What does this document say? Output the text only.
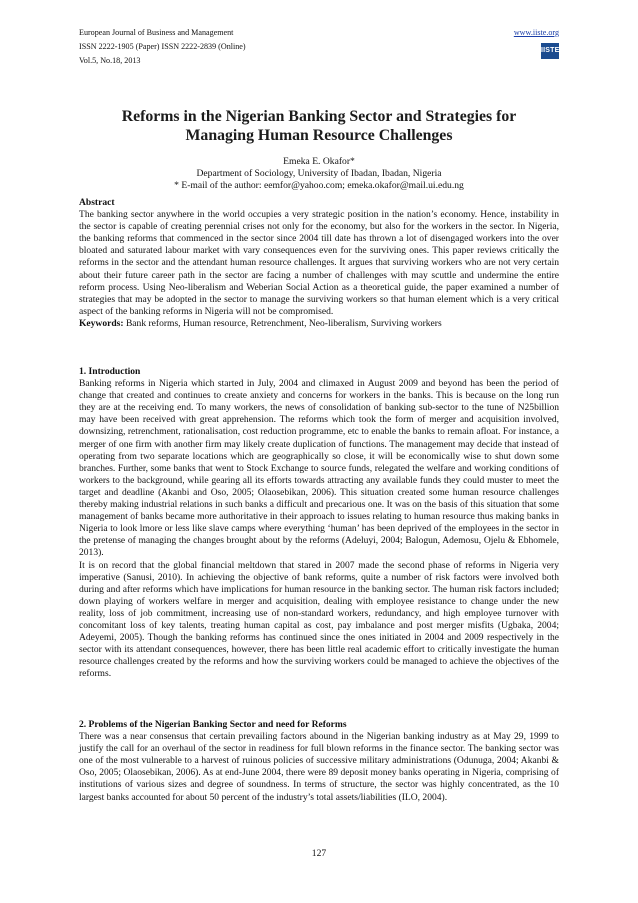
European Journal of Business and Management
ISSN 2222-1905 (Paper) ISSN 2222-2839 (Online)
Vol.5, No.18, 2013
www.iiste.org
IISTE
Reforms in the Nigerian Banking Sector and Strategies for
Managing Human Resource Challenges
Emeka E. Okafor*
Department of Sociology, University of Ibadan, Ibadan, Nigeria
* E-mail of the author: eemfor@yahoo.com; emeka.okafor@mail.ui.edu.ng

Abstract

The banking sector anywhere in the world occupies a very strategic position in the nation’s economy. Hence, instability in the sector is capable of creating perennial crises not only for the economy, but also for the workers in the sector. In Nigeria, the banking reforms that commenced in the sector since 2004 till date has thrown a lot of disengaged workers into the over bloated and saturated labour market with vary consequences even for the surviving ones. This paper reviews critically the reforms in the sector and the attendant human resource challenges. It argues that surviving workers who are not very certain about their future career path in the sector are facing a number of challenges with may scuttle and undermine the entire reform process. Using Neo-liberalism and Weberian Social Action as a theoretical guide, the paper examined a number of strategies that may be adopted in the sector to manage the surviving workers so that human element which is a very critical aspect of the banking reforms in Nigeria will not be compromised.

Keywords: Bank reforms, Human resource, Retrenchment, Neo-liberalism, Surviving workers

1. Introduction

Banking reforms in Nigeria which started in July, 2004 and climaxed in August 2009 and beyond has been the period of change that created and continues to create anxiety and concerns for workers in the banks. This is because on the long run they are at the receiving end. To many workers, the news of consolidation of banking sub-sector to the tune of N25billion may have been received with great apprehension. The reforms which took the form of merger and acquisition involved, downsizing, retrenchment, rationalisation, cost reduction programme, etc to enable the banks to remain afloat. For instance, a merger of one firm with another firm may likely create duplication of functions. The management may decide that instead of operating from two separate locations which are geographically so close, it will be economically wise to shut down some branches. Further, some banks that went to Stock Exchange to source funds, relegated the welfare and working conditions of workers to the background, while gearing all its efforts towards attracting any available funds they could muster to meet the target and deadline (Akanbi and Oso, 2005; Olaosebikan, 2006). This situation created some human resource challenges thereby making industrial relations in such banks a difficult and precarious one. It was on the basis of this situation that some management of banks became more authoritative in their approach to issues relating to human resource thus making banks in Nigeria to look lmore or less like slave camps where everything ‘human’ has been deprived of the employees in the sector in the pretense of managing the changes brought about by the reforms (Adeluyi, 2004; Balogun, Ademosu, Ojelu & Ebhomele, 2013).

It is on record that the global financial meltdown that stared in 2007 made the second phase of reforms in Nigeria very imperative (Sanusi, 2010). In achieving the objective of bank reforms, quite a number of risk factors were involved both during and after reforms which have implications for human resource in the banking sector. The human risk factors included; down playing of workers welfare in merger and acquisition, dealing with employee resistance to change under the new reality, loss of job commitment, increasing use of non-standard workers, redundancy, and high employee turnover with concomitant loss of key talents, treating human capital as cost, pay imbalance and post merger misfits (Ugbaka, 2004; Adeyemi, 2005). Though the banking reforms has continued since the ones initiated in 2004 and 2009 respectively in the sector with its attendant consequences, however, there has been little real academic effort to critically investigate the human resource challenges created by the reforms and how the surviving workers could be managed to achieve the objectives of the reforms.

2. Problems of the Nigerian Banking Sector and need for Reforms

There was a near consensus that certain prevailing factors abound in the Nigerian banking industry as at May 29, 1999 to justify the call for an overhaul of the sector in readiness for full blown reforms in the finance sector. The banking sector was one of the most vulnerable to a harvest of ruinous policies of successive military administrations (Odunuga, 2004; Akanbi & Oso, 2005; Olaosebikan, 2006). As at end-June 2004, there were 89 deposit money banks operating in Nigeria, comprising of institutions of various sizes and degree of soundness. In terms of structure, the sector was highly concentrated, as the 10 largest banks accounted for about 50 percent of the industry’s total assets/liabilities (ILO, 2004).

127
